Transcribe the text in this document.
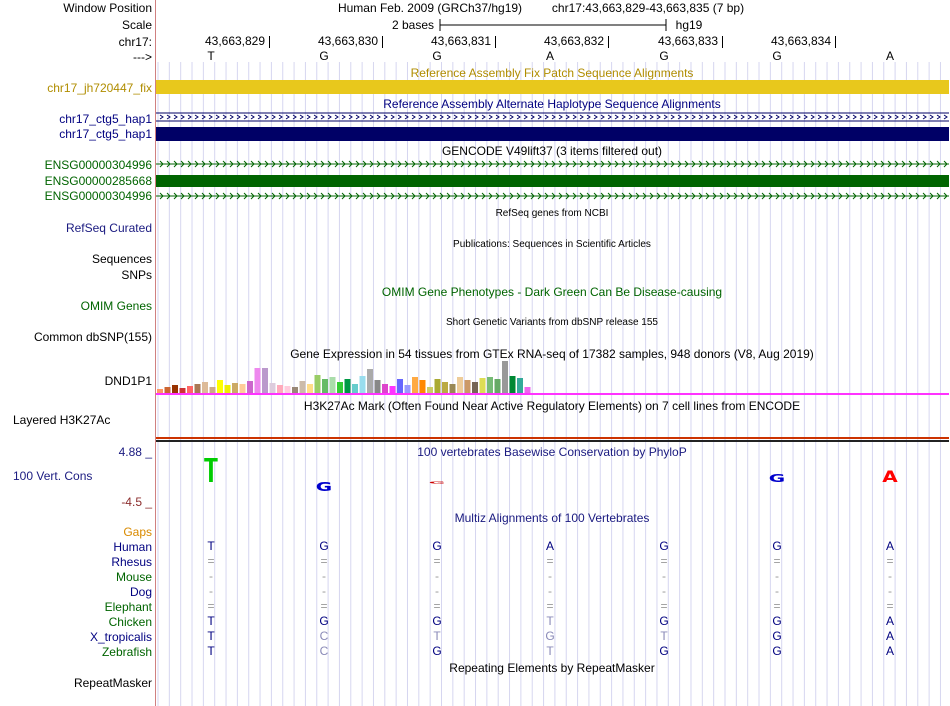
Window Position	Human Feb. 2009 (GRCh37/hg19) chr17:43,663,829-43,663,835 (7 bp)
Scale	2 bases	hg19
chr17:	43,663,829	43,663,830	43,663,831	43,663,832	43,663,833	43,663,834
--->	T	G	G	A	G	G	A
Reference Assembly Fix Patch Sequence Alignments
chr17_jh720447_fix
Reference Assembly Alternate Haplotype Sequence Alignments
chr17_ctg5_hap1
chr17_ctg5_hap1
GENCODE V49lift37 (3 items filtered out)
ENSG00000304996
ENSG00000285668
ENSG00000304996
RefSeq genes from NCBI
RefSeq Curated
Publications: Sequences in Scientific Articles
Sequences
SNPs
OMIM Gene Phenotypes - Dark Green Can Be Disease-causing
OMIM Genes
Short Genetic Variants from dbSNP release 155
Common dbSNP(155)
Gene Expression in 54 tissues from GTEx RNA-seq of 17382 samples, 948 donors (V8, Aug 2019)
DND1P1
H3K27Ac Mark (Often Found Near Active Regulatory Elements) on 7 cell lines from ENCODE
Layered H3K27Ac
100 vertebrates Basewise Conservation by PhyloP
4.88 _
100 Vert. Cons
-4.5 _
T	G	G	G	A
Multiz Alignments of 100 Vertebrates
Gaps
Human	T	G	G	A	G	G	A
Rhesus	=	=	=	=	=	=	=
Mouse	-	-	-	-	-	-	-
Dog	-	-	-	-	-	-	-
Elephant	=	=	=	=	=	=	=
Chicken	T	G	G	T	G	G	A
X_tropicalis	T	C	T	G	T	G	A
Zebrafish	T	C	G	T	G	G	A
Repeating Elements by RepeatMasker
RepeatMasker
